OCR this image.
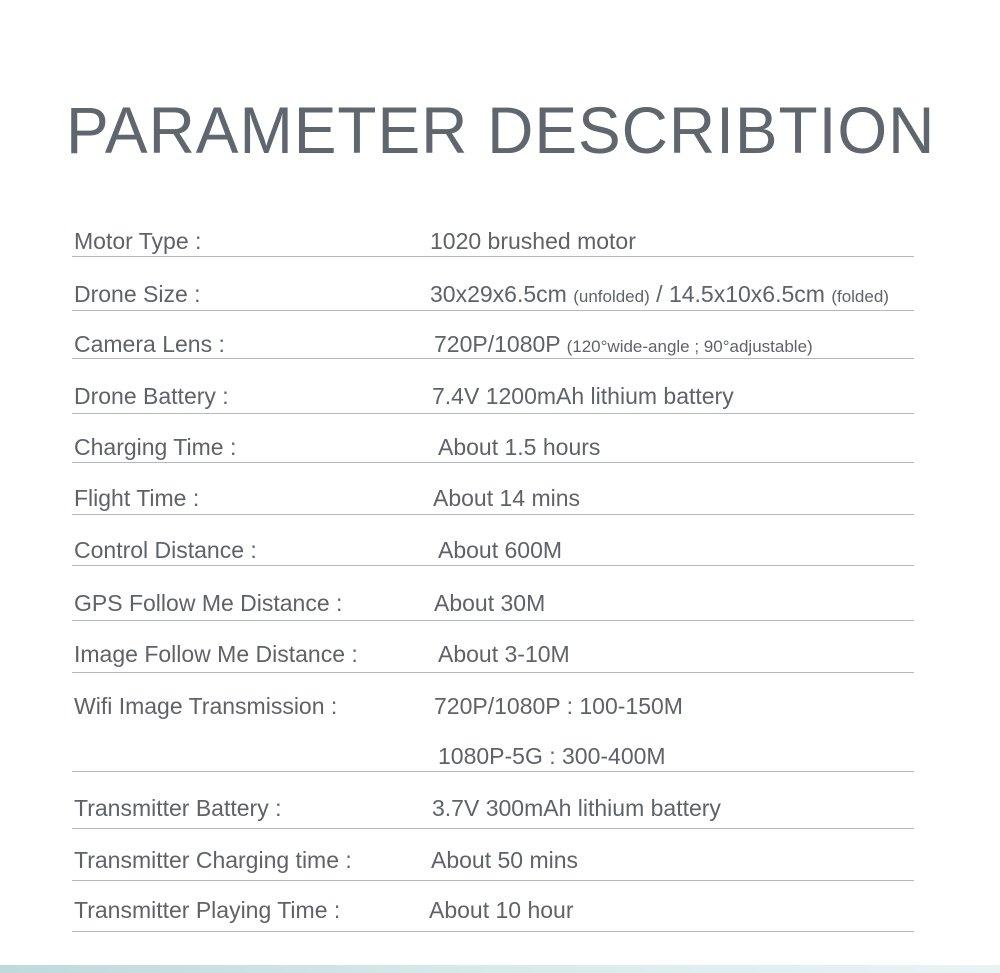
PARAMETER DESCRIBTION
Motor Type :	1020 brushed motor
Drone Size :	30x29x6.5cm (unfolded) / 14.5x10x6.5cm (folded)
Camera Lens :	720P/1080P (120°wide-angle ; 90°adjustable)
Drone Battery :	7.4V 1200mAh lithium battery
Charging Time :	About 1.5 hours
Flight Time :	About 14 mins
Control Distance :	About 600M
GPS Follow Me Distance :	About 30M
Image Follow Me Distance :	About 3-10M
Wifi Image Transmission :	720P/1080P : 100-150M
1080P-5G : 300-400M
Transmitter Battery :	3.7V 300mAh lithium battery
Transmitter Charging time :	About 50 mins
Transmitter Playing Time :	About 10 hour
